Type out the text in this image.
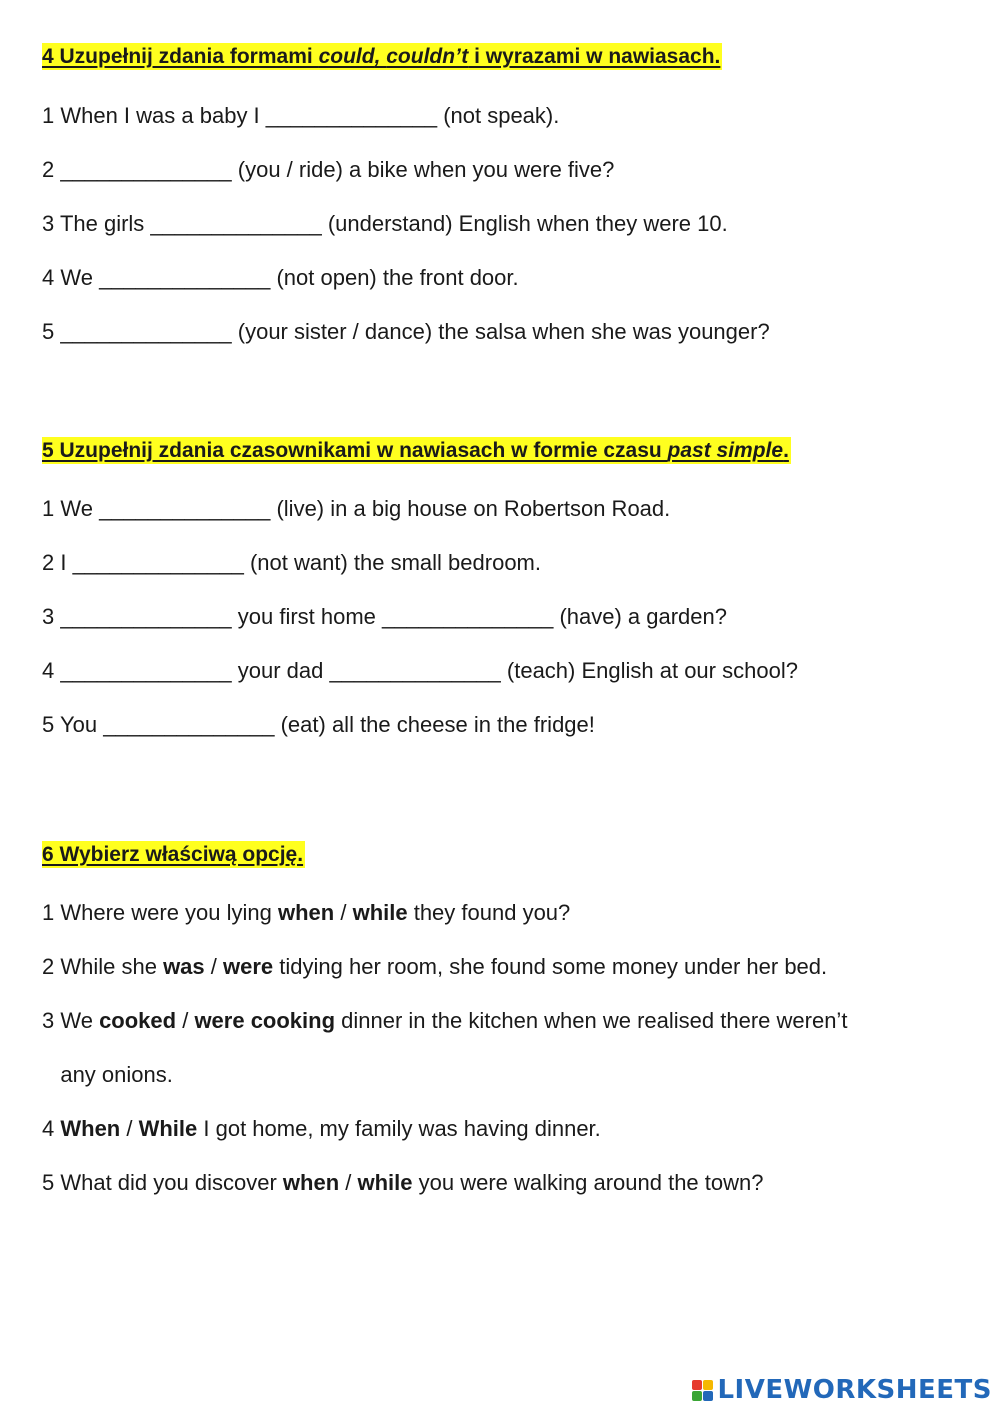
4 Uzupełnij zdania formami could, couldn’t i wyrazami w nawiasach.
1 When I was a baby I ______________ (not speak).
2 ______________ (you / ride) a bike when you were five?
3 The girls ______________ (understand) English when they were 10.
4 We ______________ (not open) the front door.
5 ______________ (your sister / dance) the salsa when she was younger?
5 Uzupełnij zdania czasownikami w nawiasach w formie czasu past simple.
1 We ______________ (live) in a big house on Robertson Road.
2 I ______________ (not want) the small bedroom.
3 ______________ you first home ______________ (have) a garden?
4 ______________ your dad ______________ (teach) English at our school?
5 You ______________ (eat) all the cheese in the fridge!
6 Wybierz właściwą opcję.
1 Where were you lying when / while they found you?
2 While she was / were tidying her room, she found some money under her bed.
3 We cooked / were cooking dinner in the kitchen when we realised there weren’t
any onions.
4 When / While I got home, my family was having dinner.
5 What did you discover when / while you were walking around the town?
LIVEWORKSHEETS
